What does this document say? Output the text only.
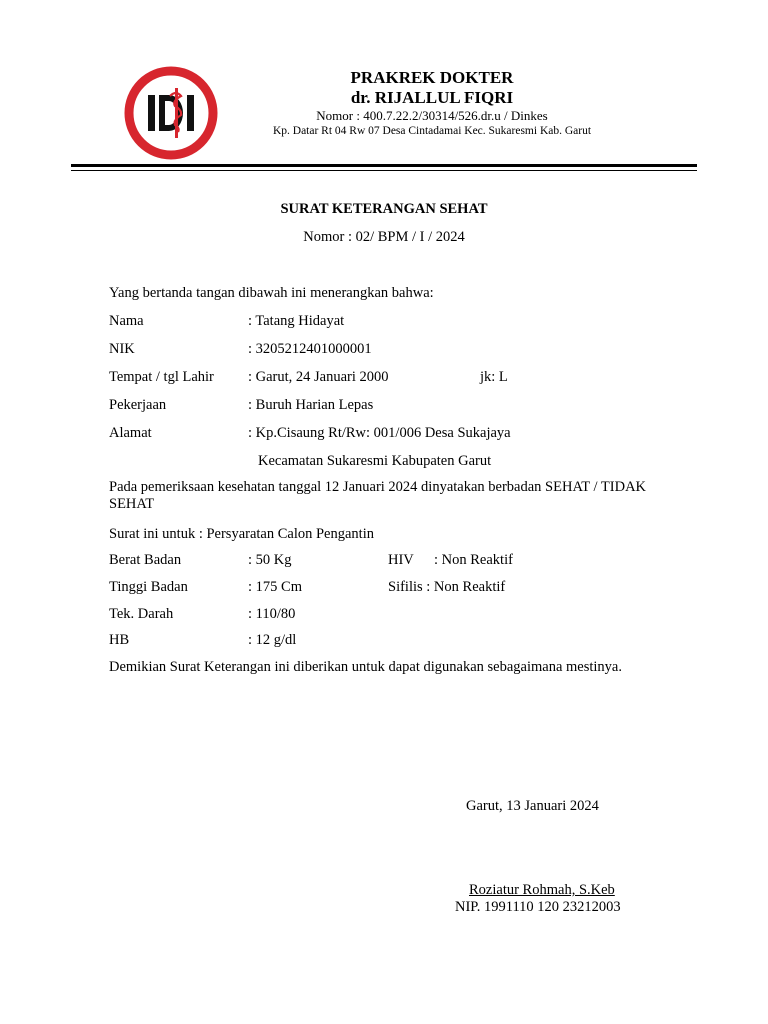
PRAKREK DOKTER
dr. RIJALLUL FIQRI
Nomor : 400.7.22.2/30314/526.dr.u / Dinkes
Kp. Datar Rt 04 Rw 07 Desa Cintadamai Kec. Sukaresmi Kab. Garut
SURAT KETERANGAN SEHAT
Nomor : 02/ BPM / I / 2024
Yang bertanda tangan dibawah ini menerangkan bahwa:
Nama	: Tatang Hidayat
NIK	: 3205212401000001
Tempat / tgl Lahir : Garut, 24 Januari 2000	jk: L
Pekerjaan	: Buruh Harian Lepas
Alamat	: Kp.Cisaung Rt/Rw: 001/006 Desa Sukajaya
Kecamatan Sukaresmi Kabupaten Garut
Pada pemeriksaan kesehatan tanggal 12 Januari 2024 dinyatakan berbadan SEHAT / TIDAK SEHAT
Surat ini untuk : Persyaratan Calon Pengantin
Berat Badan	: 50 Kg	HIV : Non Reaktif
Tinggi Badan	: 175 Cm	Sifilis : Non Reaktif
Tek. Darah	: 110/80
HB	: 12 g/dl
Demikian Surat Keterangan ini diberikan untuk dapat digunakan sebagaimana mestinya.
Garut, 13 Januari 2024
Roziatur Rohmah, S.Keb
NIP. 1991110 120 23212003
